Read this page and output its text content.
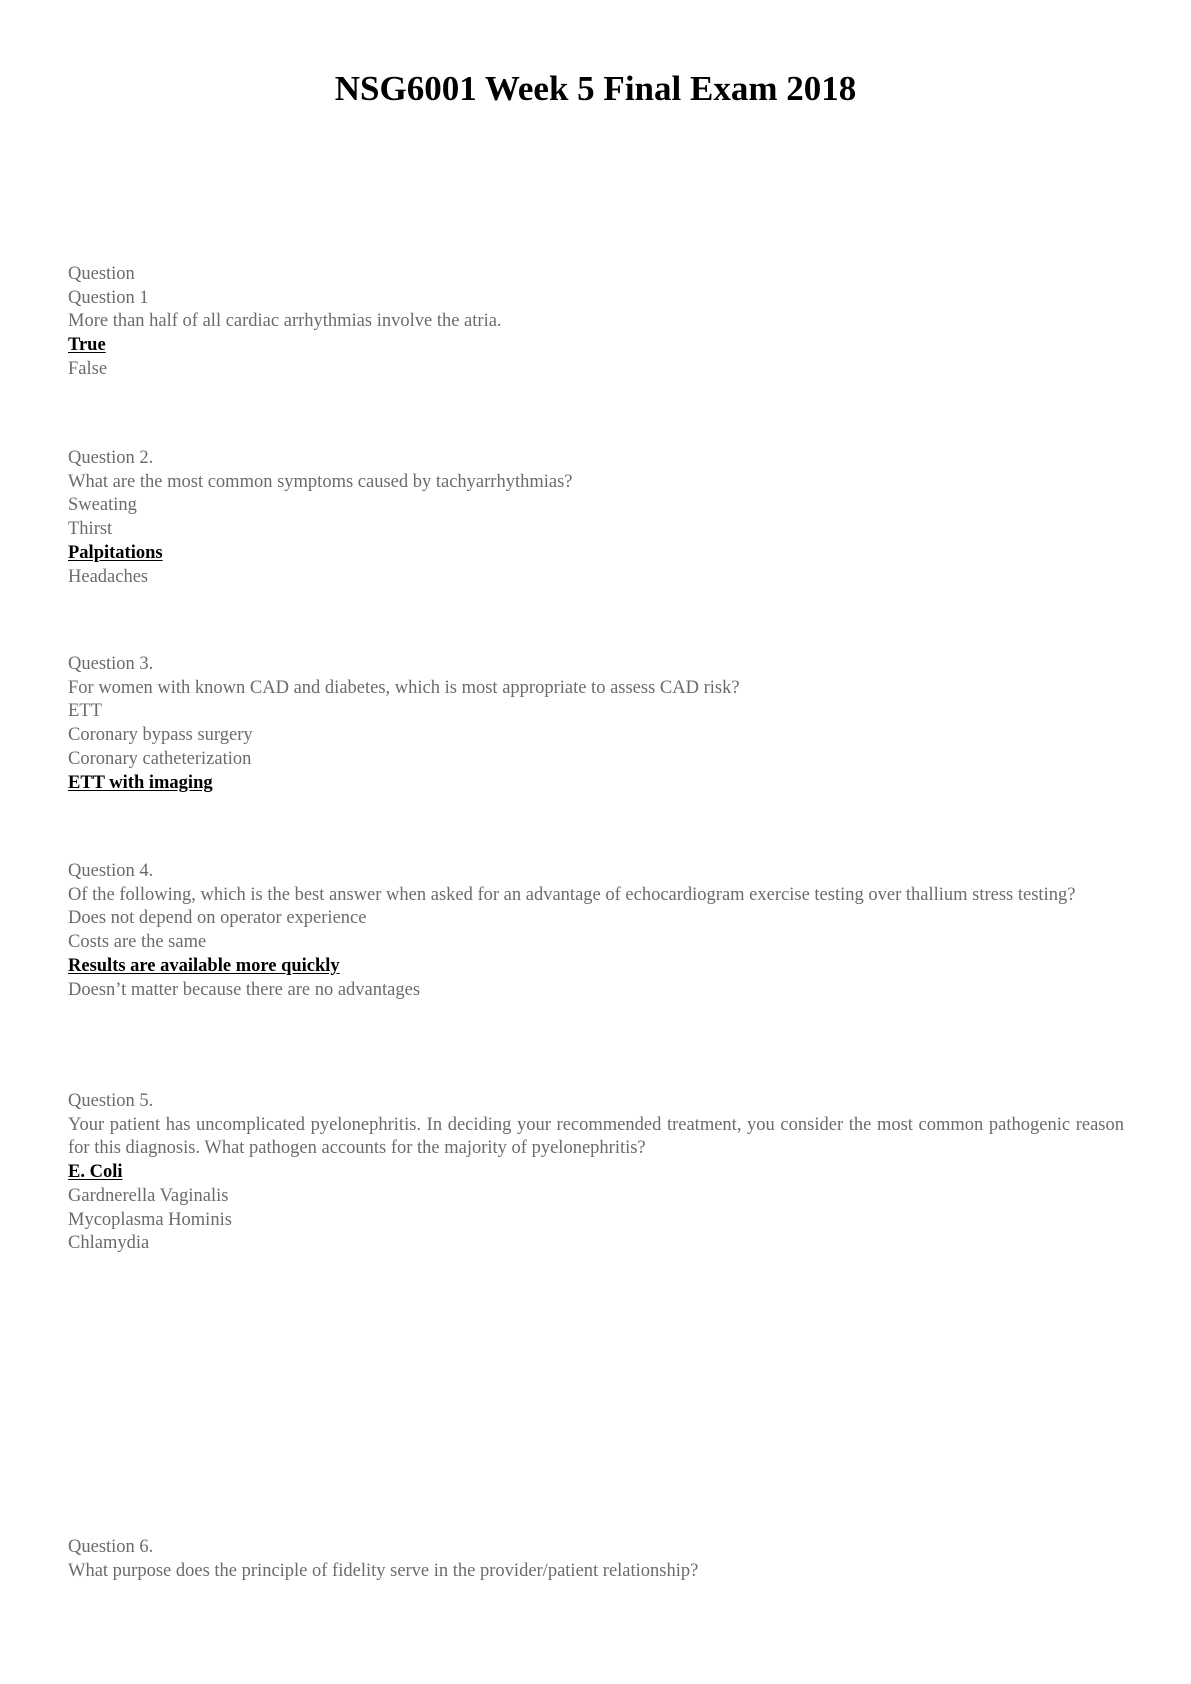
NSG6001 Week 5 Final Exam 2018
Question
Question 1
More than half of all cardiac arrhythmias involve the atria.
True
False
Question 2.
What are the most common symptoms caused by tachyarrhythmias?
Sweating
Thirst
Palpitations
Headaches
Question 3.
For women with known CAD and diabetes, which is most appropriate to assess CAD risk?
ETT
Coronary bypass surgery
Coronary catheterization
ETT with imaging
Question 4.
Of the following, which is the best answer when asked for an advantage of echocardiogram exercise testing over thallium stress testing?
Does not depend on operator experience
Costs are the same
Results are available more quickly
Doesn’t matter because there are no advantages
Question 5.
Your patient has uncomplicated pyelonephritis. In deciding your recommended treatment, you consider the most common pathogenic reason for this diagnosis. What pathogen accounts for the majority of pyelonephritis?
E. Coli
Gardnerella Vaginalis
Mycoplasma Hominis
Chlamydia
Question 6.
What purpose does the principle of fidelity serve in the provider/patient relationship?
